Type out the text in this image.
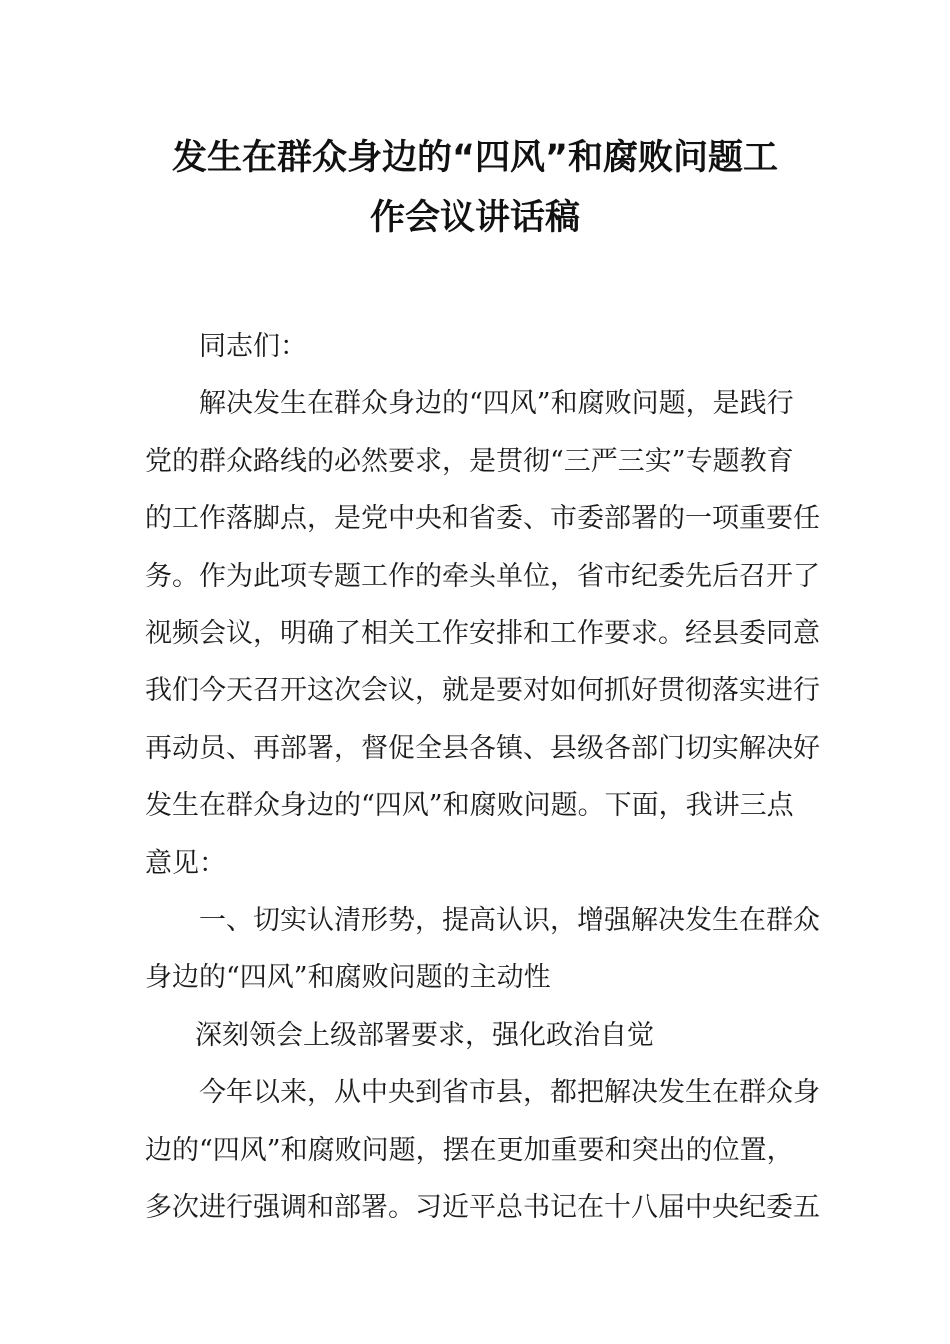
发生在群众身边的“四风”和腐败问题工
作会议讲话稿

同志们：

解决发生在群众身边的“四风”和腐败问题，是践行
党的群众路线的必然要求，是贯彻“三严三实”专题教育
的工作落脚点，是党中央和省委、市委部署的一项重要任
务。作为此项专题工作的牵头单位，省市纪委先后召开了
视频会议，明确了相关工作安排和工作要求。经县委同意
我们今天召开这次会议，就是要对如何抓好贯彻落实进行
再动员、再部署，督促全县各镇、县级各部门切实解决好
发生在群众身边的“四风”和腐败问题。下面，我讲三点
意见：

一、切实认清形势，提高认识，增强解决发生在群众
身边的“四风”和腐败问题的主动性

深刻领会上级部署要求，强化政治自觉

今年以来，从中央到省市县，都把解决发生在群众身
边的“四风”和腐败问题，摆在更加重要和突出的位置，
多次进行强调和部署。习近平总书记在十八届中央纪委五
